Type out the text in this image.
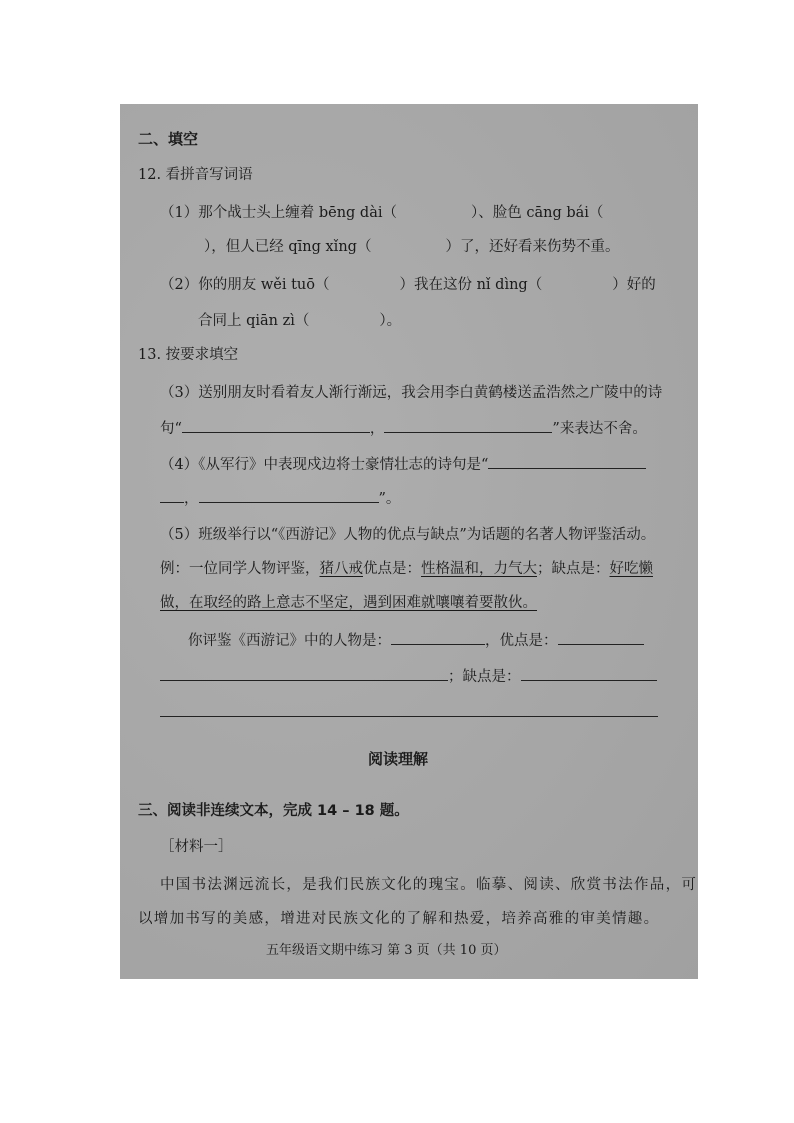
二、填空
12. 看拼音写词语
（1）那个战士头上缠着 bēng dài（	）、脸色 cāng bái（
），但人已经 qīng xǐng（	）了，还好看来伤势不重。
（2）你的朋友 wěi tuō（	）我在这份 nǐ dìng（	）好的
合同上 qiān zì（	）。
13. 按要求填空
（3）送别朋友时看着友人渐行渐远，我会用李白黄鹤楼送孟浩然之广陵中的诗
句“	，	”来表达不舍。
（4）《从军行》中表现戍边将士豪情壮志的诗句是“
，	”。
（5）班级举行以“《西游记》人物的优点与缺点”为话题的名著人物评鉴活动。
例：一位同学人物评鉴，猪八戒优点是：性格温和，力气大；缺点是：好吃懒
做，在取经的路上意志不坚定，遇到困难就嚷嚷着要散伙。
你评鉴《西游记》中的人物是：	，优点是：
；缺点是：
阅读理解
三、阅读非连续文本，完成 14 – 18 题。
［材料一］
中国书法渊远流长，是我们民族文化的瑰宝。临摹、阅读、欣赏书法作品，可
以增加书写的美感，增进对民族文化的了解和热爱，培养高雅的审美情趣。
五年级语文期中练习 第 3 页（共 10 页）
